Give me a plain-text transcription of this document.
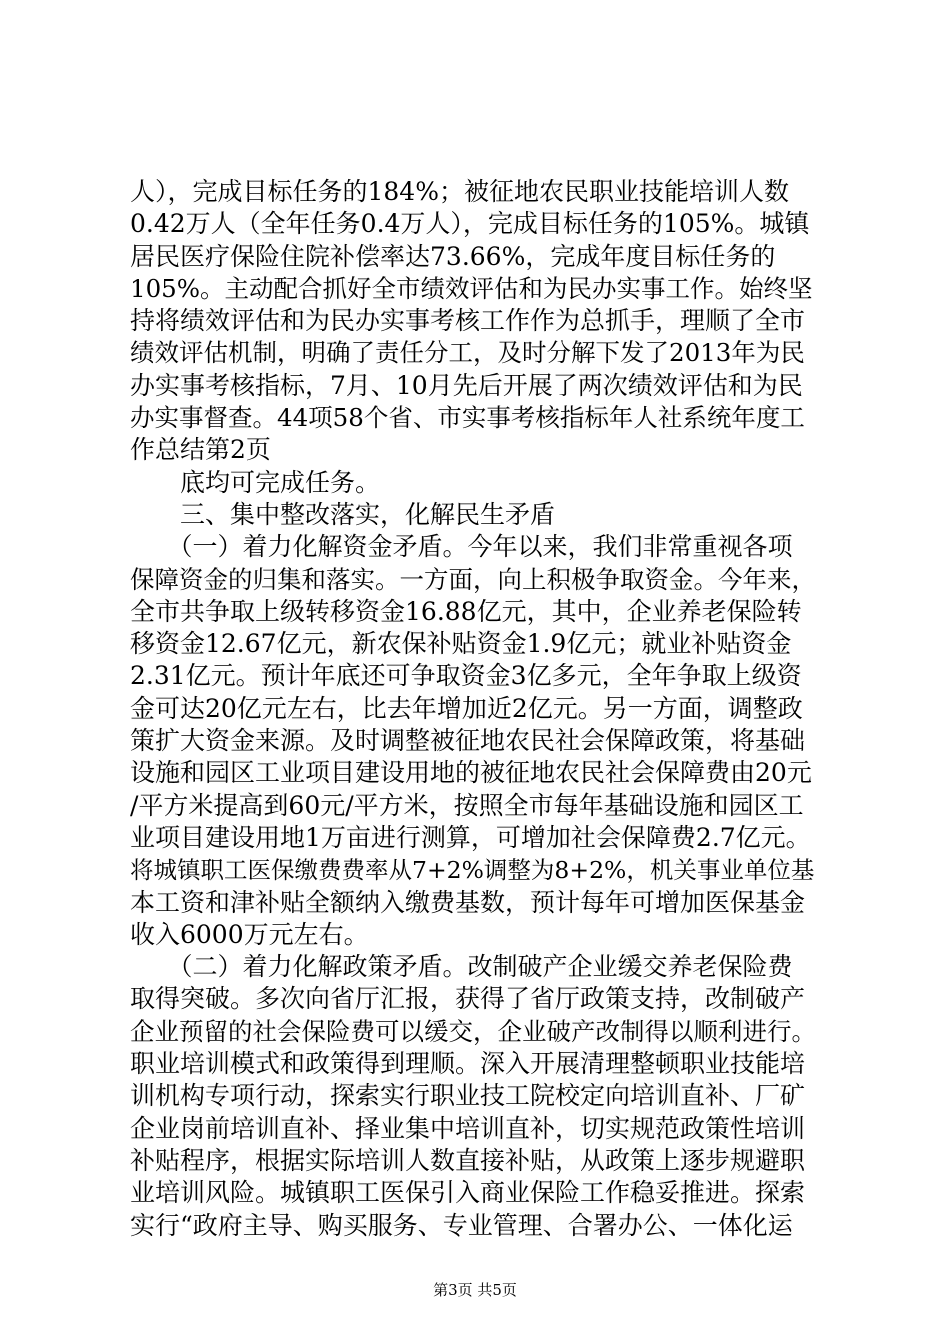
人），完成目标任务的184%；被征地农民职业技能培训人数
0.42万人（全年任务0.4万人），完成目标任务的105%。城镇
居民医疗保险住院补偿率达73.66%，完成年度目标任务的
105%。主动配合抓好全市绩效评估和为民办实事工作。始终坚
持将绩效评估和为民办实事考核工作作为总抓手，理顺了全市
绩效评估机制，明确了责任分工，及时分解下发了2013年为民
办实事考核指标，7月、10月先后开展了两次绩效评估和为民
办实事督查。44项58个省、市实事考核指标年人社系统年度工
作总结第2页
　　底均可完成任务。
　　三、集中整改落实，化解民生矛盾
　　（一）着力化解资金矛盾。今年以来，我们非常重视各项
保障资金的归集和落实。一方面，向上积极争取资金。今年来，
全市共争取上级转移资金16.88亿元，其中，企业养老保险转
移资金12.67亿元，新农保补贴资金1.9亿元；就业补贴资金
2.31亿元。预计年底还可争取资金3亿多元，全年争取上级资
金可达20亿元左右，比去年增加近2亿元。另一方面，调整政
策扩大资金来源。及时调整被征地农民社会保障政策，将基础
设施和园区工业项目建设用地的被征地农民社会保障费由20元
/平方米提高到60元/平方米，按照全市每年基础设施和园区工
业项目建设用地1万亩进行测算，可增加社会保障费2.7亿元。
将城镇职工医保缴费费率从7+2%调整为8+2%，机关事业单位基
本工资和津补贴全额纳入缴费基数，预计每年可增加医保基金
收入6000万元左右。
　　（二）着力化解政策矛盾。改制破产企业缓交养老保险费
取得突破。多次向省厅汇报，获得了省厅政策支持，改制破产
企业预留的社会保险费可以缓交，企业破产改制得以顺利进行。
职业培训模式和政策得到理顺。深入开展清理整顿职业技能培
训机构专项行动，探索实行职业技工院校定向培训直补、厂矿
企业岗前培训直补、择业集中培训直补，切实规范政策性培训
补贴程序，根据实际培训人数直接补贴，从政策上逐步规避职
业培训风险。城镇职工医保引入商业保险工作稳妥推进。探索
实行“政府主导、购买服务、专业管理、合署办公、一体化运
第3页 共5页
